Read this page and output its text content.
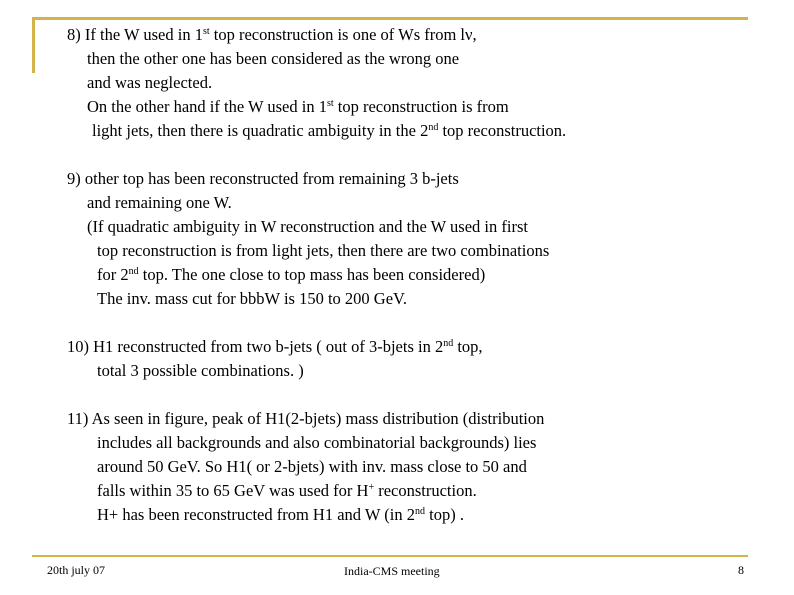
8) If the W used in 1st top reconstruction is one of Ws from lν,
then the other one has been considered as the wrong one
and was neglected.
On the other hand if the W used in 1st top reconstruction is from
light jets, then there is quadratic ambiguity in the 2nd top reconstruction.
9) other top has been reconstructed from remaining 3 b-jets
and remaining one W.
(If quadratic ambiguity in W reconstruction and the W used in first
top reconstruction is from light jets, then there are two combinations
for 2nd top. The one close to top mass has been considered)
The inv. mass cut for bbbW is 150 to 200 GeV.
10) H1 reconstructed from two b-jets ( out of 3-bjets in 2nd top,
total 3 possible combinations. )
11) As seen in figure, peak of H1(2-bjets) mass distribution (distribution
includes all backgrounds and also combinatorial backgrounds) lies
around 50 GeV. So H1( or 2-bjets) with inv. mass close to 50 and
falls within 35 to 65 GeV was used for H+ reconstruction.
H+ has been reconstructed from H1 and W (in 2nd top) .
20th july 07	India-CMS meeting	8
